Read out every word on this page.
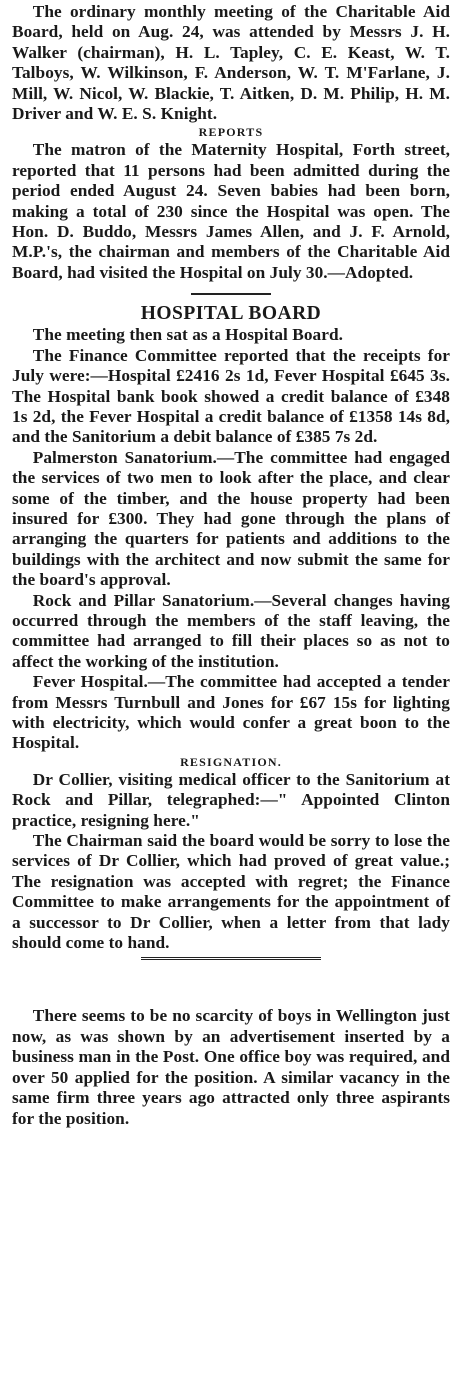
The ordinary monthly meeting of the Charitable Aid Board, held on Aug. 24, was attended by Messrs J. H. Walker (chairman), H. L. Tapley, C. E. Keast, W. T. Talboys, W. Wilkinson, F. Anderson, W. T. M'Farlane, J. Mill, W. Nicol, W. Blackie, T. Aitken, D. M. Philip, H. M. Driver and W. E. S. Knight.

REPORTS

The matron of the Maternity Hospital, Forth street, reported that 11 persons had been admitted during the period ended August 24. Seven babies had been born, making a total of 230 since the Hospital was open. The Hon. D. Buddo, Messrs James Allen, and J. F. Arnold, M.P.'s, the chairman and members of the Charitable Aid Board, had visited the Hospital on July 30.—Adopted.

HOSPITAL BOARD

The meeting then sat as a Hospital Board.

The Finance Committee reported that the receipts for July were:—Hospital £2416 2s 1d, Fever Hospital £645 3s. The Hospital bank book showed a credit balance of £348 1s 2d, the Fever Hospital a credit balance of £1358 14s 8d, and the Sanitorium a debit balance of £385 7s 2d.

Palmerston Sanatorium.—The committee had engaged the services of two men to look after the place, and clear some of the timber, and the house property had been insured for £300. They had gone through the plans of arranging the quarters for patients and additions to the buildings with the architect and now submit the same for the board's approval.

Rock and Pillar Sanatorium.—Several changes having occurred through the members of the staff leaving, the committee had arranged to fill their places so as not to affect the working of the institution.

Fever Hospital.—The committee had accepted a tender from Messrs Turnbull and Jones for £67 15s for lighting with electricity, which would confer a great boon to the Hospital.

RESIGNATION.

Dr Collier, visiting medical officer to the Sanitorium at Rock and Pillar, telegraphed:—" Appointed Clinton practice, resigning here."

The Chairman said the board would be sorry to lose the services of Dr Collier, which had proved of great value.; The resignation was accepted with regret; the Finance Committee to make arrangements for the appointment of a successor to Dr Collier, when a letter from that lady should come to hand.

There seems to be no scarcity of boys in Wellington just now, as was shown by an advertisement inserted by a business man in the Post. One office boy was required, and over 50 applied for the position. A similar vacancy in the same firm three years ago attracted only three aspirants for the position.
